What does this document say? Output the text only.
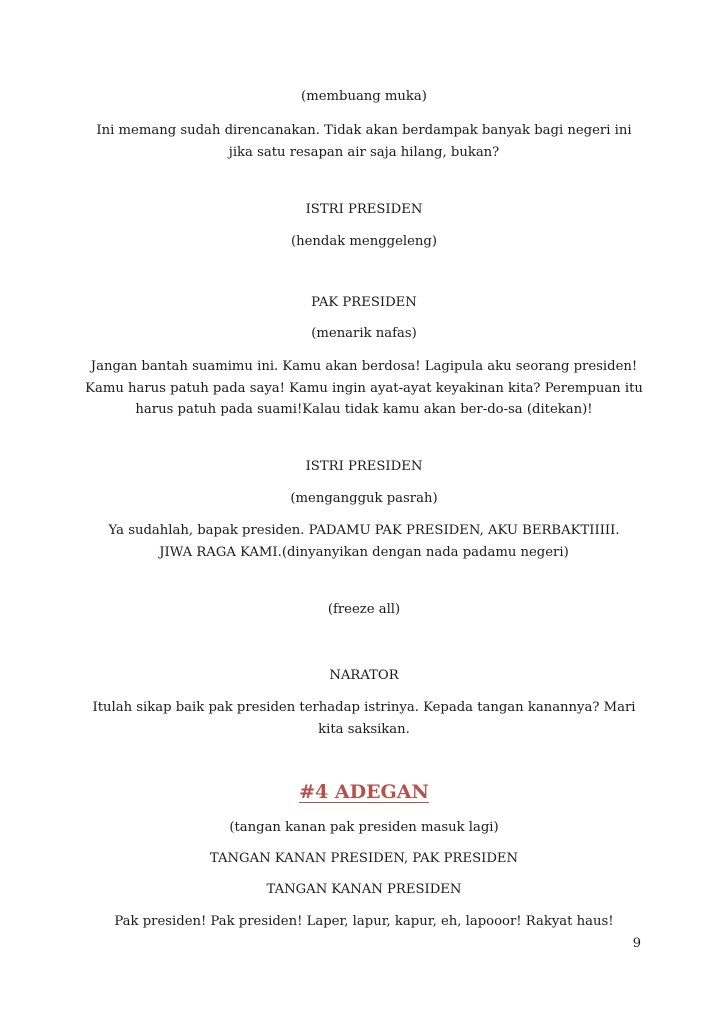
(membuang muka)

Ini memang sudah direncanakan. Tidak akan berdampak banyak bagi negeri ini jika satu resapan air saja hilang, bukan?

ISTRI PRESIDEN

(hendak menggeleng)

PAK PRESIDEN

(menarik nafas)

Jangan bantah suamimu ini. Kamu akan berdosa! Lagipula aku seorang presiden! Kamu harus patuh pada saya! Kamu ingin ayat-ayat keyakinan kita? Perempuan itu harus patuh pada suami!Kalau tidak kamu akan ber-do-sa (ditekan)!

ISTRI PRESIDEN

(mengangguk pasrah)

Ya sudahlah, bapak presiden. PADAMU PAK PRESIDEN, AKU BERBAKTIIIII. JIWA RAGA KAMI.(dinyanyikan dengan nada padamu negeri)

(freeze all)

NARATOR

Itulah sikap baik pak presiden terhadap istrinya. Kepada tangan kanannya? Mari kita saksikan.

#4 ADEGAN

(tangan kanan pak presiden masuk lagi)

TANGAN KANAN PRESIDEN, PAK PRESIDEN

TANGAN KANAN PRESIDEN

Pak presiden! Pak presiden! Laper, lapur, kapur, eh, lapooor! Rakyat haus!

9
